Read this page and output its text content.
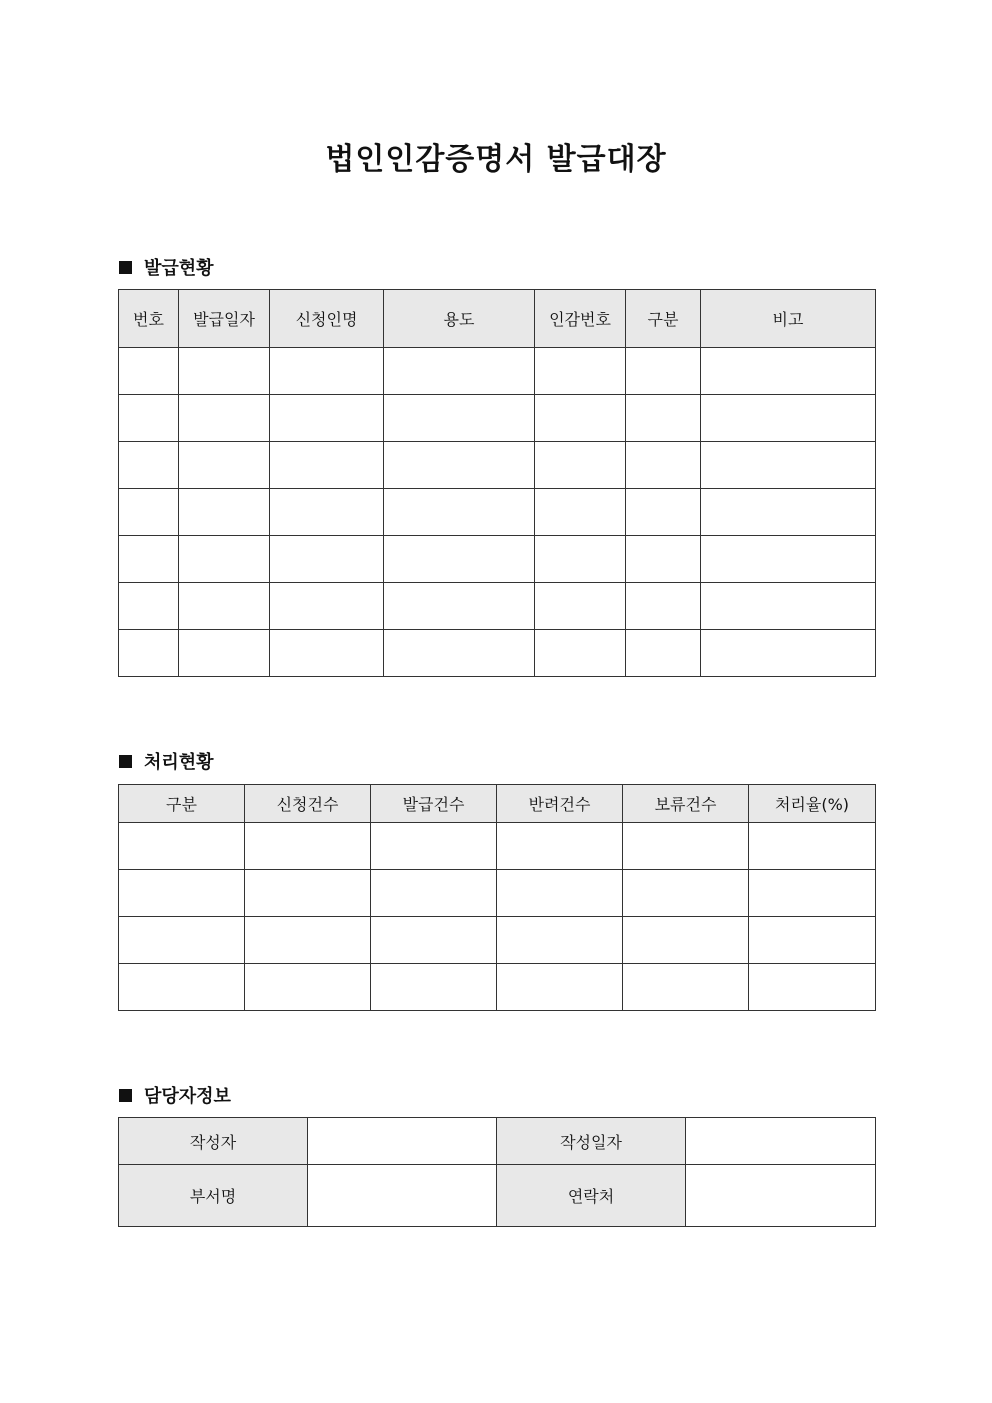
법인인감증명서 발급대장
발급현황
번호	발급일자	신청인명	용도	인감번호	구분	비고

처리현황
구분	신청건수	발급건수	반려건수	보류건수	처리율(%)

담당자정보
작성자		작성일자	
부서명		연락처	
